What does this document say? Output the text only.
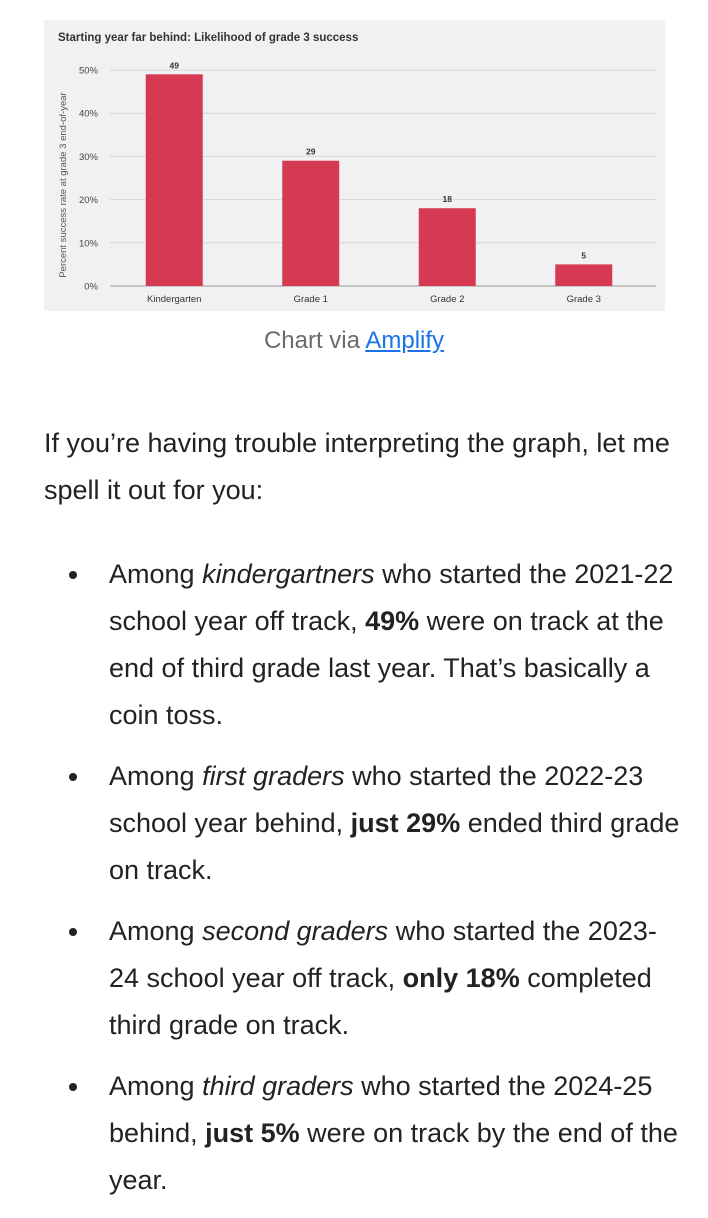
Starting year far behind: Likelihood of grade 3 success
Percent success rate at grade 3 end-of-year
0%
10%
20%
30%
40%
50%
49
Kindergarten
29
Grade 1
18
Grade 2
5
Grade 3
Chart via Amplify
If you’re having trouble interpreting the graph, let me spell it out for you:
Among kindergartners who started the 2021-22 school year off track, 49% were on track at the end of third grade last year. That’s basically a coin toss.
Among first graders who started the 2022-23 school year behind, just 29% ended third grade on track.
Among second graders who started the 2023-24 school year off track, only 18% completed third grade on track.
Among third graders who started the 2024-25 behind, just 5% were on track by the end of the year.
